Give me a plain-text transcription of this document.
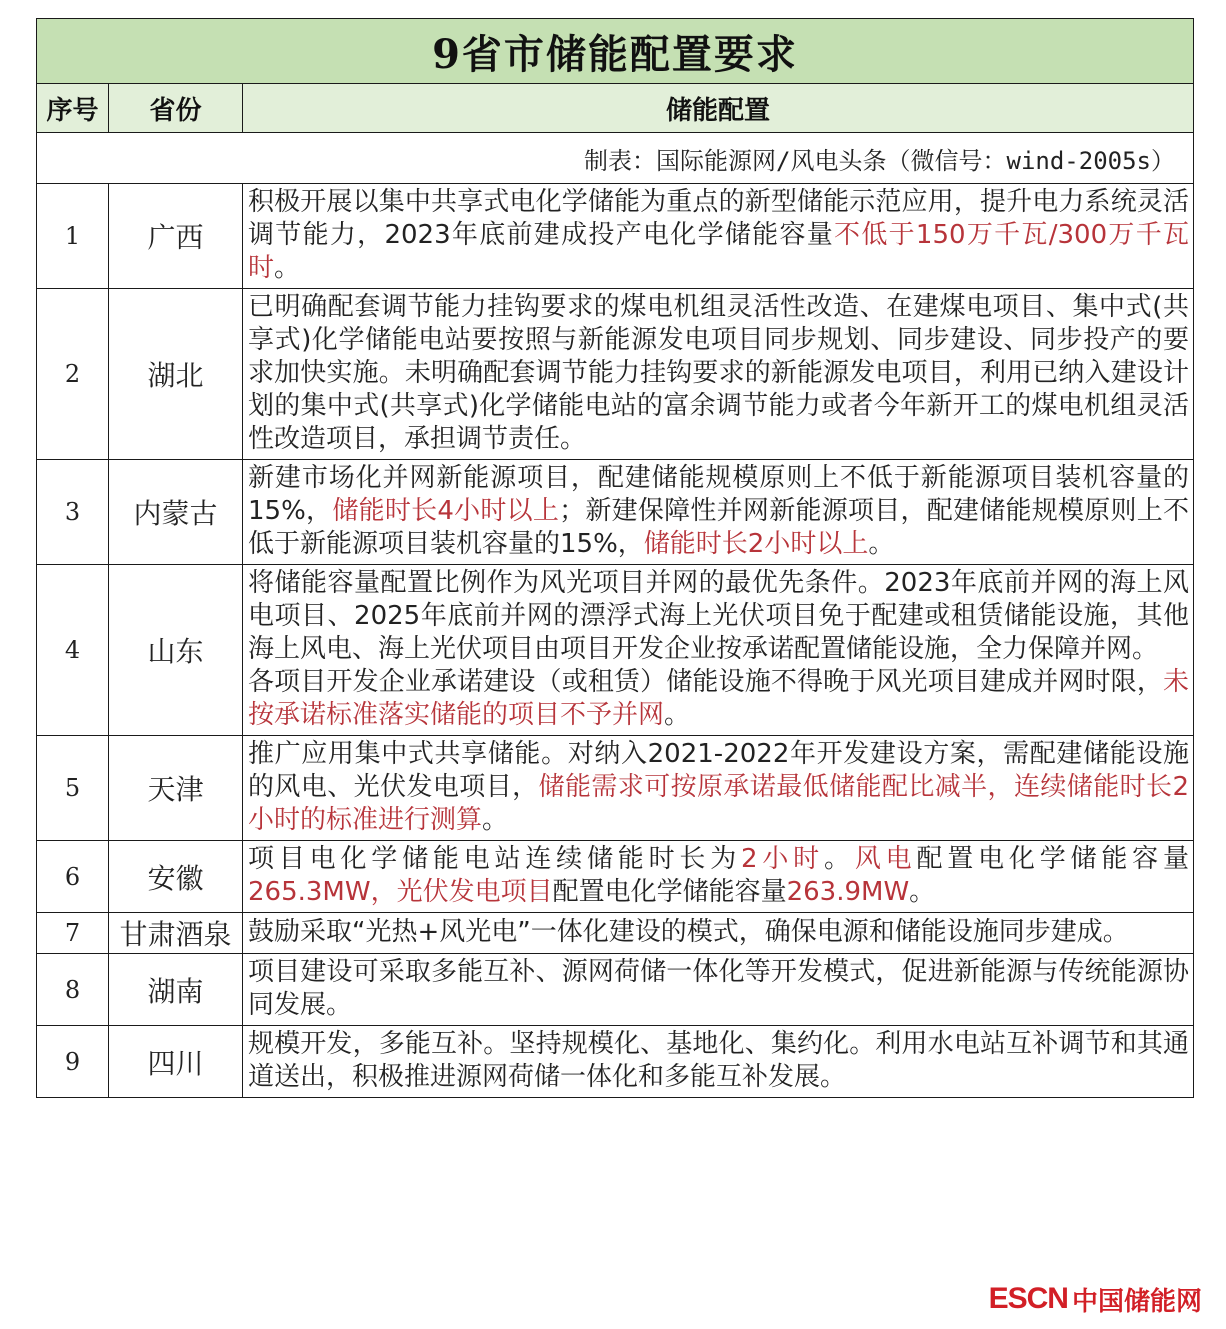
9省市储能配置要求		
序号	省份	储能配置
制表：国际能源网/风电头条（微信号：wind-2005s）		
1	广西	积极开展以集中共享式电化学储能为重点的新型储能示范应用，提升电力系统灵活调节能力，2023年底前建成投产电化学储能容量不低于150万千瓦/300万千瓦时。
2	湖北	已明确配套调节能力挂钩要求的煤电机组灵活性改造、在建煤电项目、集中式(共享式)化学储能电站要按照与新能源发电项目同步规划、同步建设、同步投产的要求加快实施。未明确配套调节能力挂钩要求的新能源发电项目，利用已纳入建设计划的集中式(共享式)化学储能电站的富余调节能力或者今年新开工的煤电机组灵活性改造项目，承担调节责任。
3	内蒙古	新建市场化并网新能源项目，配建储能规模原则上不低于新能源项目装机容量的15%，储能时长4小时以上；新建保障性并网新能源项目，配建储能规模原则上不低于新能源项目装机容量的15%，储能时长2小时以上。
4	山东	将储能容量配置比例作为风光项目并网的最优先条件。2023年底前并网的海上风电项目、2025年底前并网的漂浮式海上光伏项目免于配建或租赁储能设施，其他海上风电、海上光伏项目由项目开发企业按承诺配置储能设施，全力保障并网。
各项目开发企业承诺建设（或租赁）储能设施不得晚于风光项目建成并网时限，未按承诺标准落实储能的项目不予并网。
5	天津	推广应用集中式共享储能。对纳入2021-2022年开发建设方案，需配建储能设施的风电、光伏发电项目，储能需求可按原承诺最低储能配比减半，连续储能时长2小时的标准进行测算。
6	安徽	项目电化学储能电站连续储能时长为2小时。风电配置电化学储能容量265.3MW，光伏发电项目配置电化学储能容量263.9MW。
7	甘肃酒泉	鼓励采取“光热+风光电”一体化建设的模式，确保电源和储能设施同步建成。
8	湖南	项目建设可采取多能互补、源网荷储一体化等开发模式，促进新能源与传统能源协同发展。
9	四川	规模开发，多能互补。坚持规模化、基地化、集约化。利用水电站互补调节和其通道送出，积极推进源网荷储一体化和多能互补发展。
ESCN 中国储能网
